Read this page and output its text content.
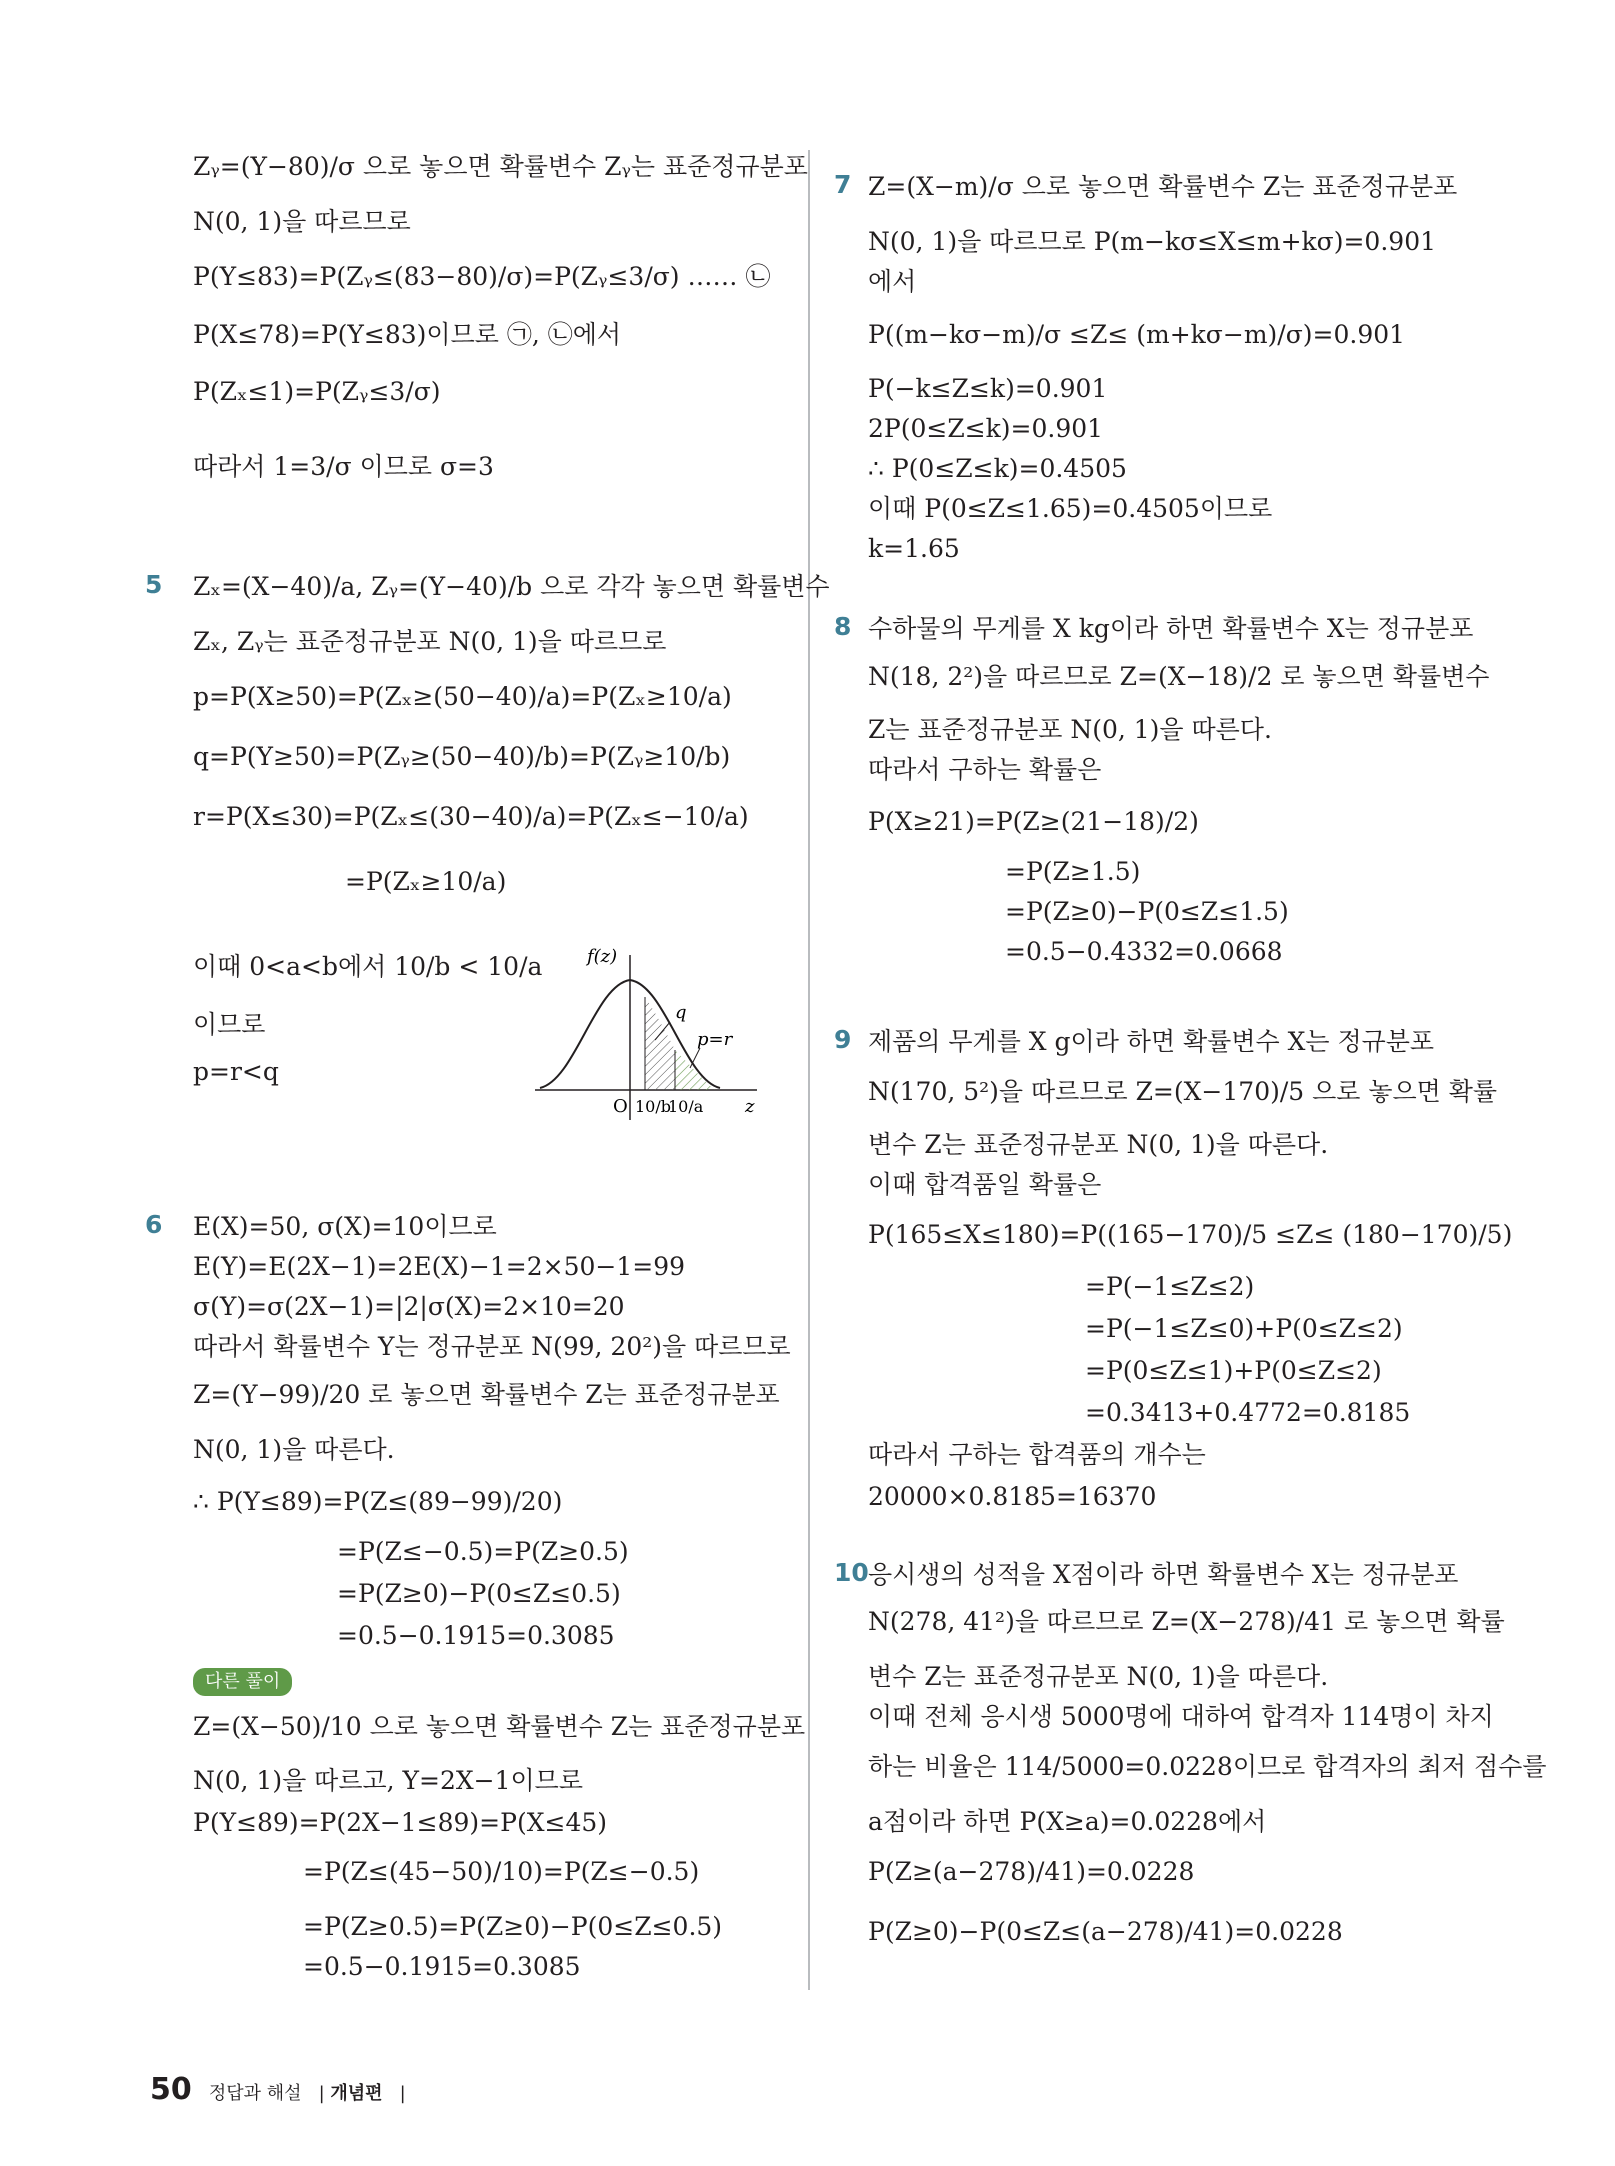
Zᵧ=(Y−80)/σ 으로 놓으면 확률변수 Zᵧ는 표준정규분포
N(0, 1)을 따르므로
P(Y≤83)=P(Zᵧ≤(83−80)/σ)=P(Zᵧ≤3/σ) …… ㉡
P(X≤78)=P(Y≤83)이므로 ㉠, ㉡에서
P(Zₓ≤1)=P(Zᵧ≤3/σ)
따라서 1=3/σ 이므로 σ=3
5 Zₓ=(X−40)/a, Zᵧ=(Y−40)/b 으로 각각 놓으면 확률변수
Zₓ, Zᵧ는 표준정규분포 N(0, 1)을 따르므로
p=P(X≥50)=P(Zₓ≥(50−40)/a)=P(Zₓ≥10/a)
q=P(Y≥50)=P(Zᵧ≥(50−40)/b)=P(Zᵧ≥10/b)
r=P(X≤30)=P(Zₓ≤(30−40)/a)=P(Zₓ≤−10/a)
=P(Zₓ≥10/a)
이때 0<a<b에서 10/b < 10/a
이므로
p=r<q
f(z)
q
p=r
O 10/b
10/a z
6 E(X)=50, σ(X)=10이므로
E(Y)=E(2X−1)=2E(X)−1=2×50−1=99
σ(Y)=σ(2X−1)=|2|σ(X)=2×10=20
따라서 확률변수 Y는 정규분포 N(99, 20²)을 따르므로
Z=(Y−99)/20 로 놓으면 확률변수 Z는 표준정규분포
N(0, 1)을 따른다.
∴ P(Y≤89)=P(Z≤(89−99)/20)
=P(Z≤−0.5)=P(Z≥0.5)
=P(Z≥0)−P(0≤Z≤0.5)
=0.5−0.1915=0.3085
다른 풀이
Z=(X−50)/10 으로 놓으면 확률변수 Z는 표준정규분포
N(0, 1)을 따르고, Y=2X−1이므로
P(Y≤89)=P(2X−1≤89)=P(X≤45)
=P(Z≤(45−50)/10)=P(Z≤−0.5)
=P(Z≥0.5)=P(Z≥0)−P(0≤Z≤0.5)
=0.5−0.1915=0.3085
7 Z=(X−m)/σ 으로 놓으면 확률변수 Z는 표준정규분포
N(0, 1)을 따르므로 P(m−kσ≤X≤m+kσ)=0.901
에서
P((m−kσ−m)/σ ≤Z≤ (m+kσ−m)/σ)=0.901
P(−k≤Z≤k)=0.901
2P(0≤Z≤k)=0.901
∴ P(0≤Z≤k)=0.4505
이때 P(0≤Z≤1.65)=0.4505이므로
k=1.65
8 수하물의 무게를 X kg이라 하면 확률변수 X는 정규분포
N(18, 2²)을 따르므로 Z=(X−18)/2 로 놓으면 확률변수
Z는 표준정규분포 N(0, 1)을 따른다.
따라서 구하는 확률은
P(X≥21)=P(Z≥(21−18)/2)
=P(Z≥1.5)
=P(Z≥0)−P(0≤Z≤1.5)
=0.5−0.4332=0.0668
9 제품의 무게를 X g이라 하면 확률변수 X는 정규분포
N(170, 5²)을 따르므로 Z=(X−170)/5 으로 놓으면 확률
변수 Z는 표준정규분포 N(0, 1)을 따른다.
이때 합격품일 확률은
P(165≤X≤180)=P((165−170)/5 ≤Z≤ (180−170)/5)
=P(−1≤Z≤2)
=P(−1≤Z≤0)+P(0≤Z≤2)
=P(0≤Z≤1)+P(0≤Z≤2)
=0.3413+0.4772=0.8185
따라서 구하는 합격품의 개수는
20000×0.8185=16370
10 응시생의 성적을 X점이라 하면 확률변수 X는 정규분포
N(278, 41²)을 따르므로 Z=(X−278)/41 로 놓으면 확률
변수 Z는 표준정규분포 N(0, 1)을 따른다.
이때 전체 응시생 5000명에 대하여 합격자 114명이 차지
하는 비율은 114/5000=0.0228이므로 합격자의 최저 점수를
a점이라 하면 P(X≥a)=0.0228에서
P(Z≥(a−278)/41)=0.0228
P(Z≥0)−P(0≤Z≤(a−278)/41)=0.0228
50 정답과 해설 | 개념편 |
